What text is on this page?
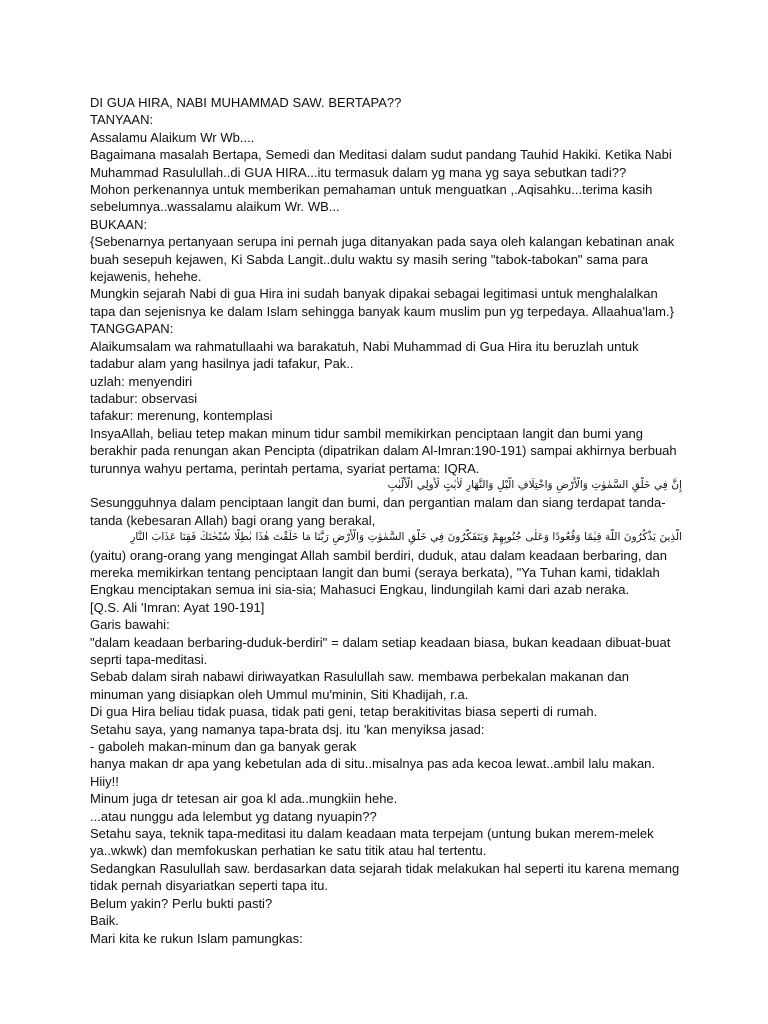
DI GUA HIRA, NABI MUHAMMAD SAW. BERTAPA??

TANYAAN:

Assalamu Alaikum Wr Wb....

Bagaimana masalah Bertapa, Semedi dan Meditasi dalam sudut pandang Tauhid Hakiki. Ketika Nabi Muhammad Rasulullah..di GUA HIRA...itu termasuk dalam yg mana yg saya sebutkan tadi??

Mohon perkenannya untuk memberikan pemahaman untuk menguatkan ,.Aqisahku...terima kasih sebelumnya..wassalamu alaikum Wr. WB...

BUKAAN:

{Sebenarnya pertanyaan serupa ini pernah juga ditanyakan pada saya oleh kalangan kebatinan anak buah sesepuh kejawen, Ki Sabda Langit..dulu waktu sy masih sering "tabok-tabokan" sama para kejawenis, hehehe.

Mungkin sejarah Nabi di gua Hira ini sudah banyak dipakai sebagai legitimasi untuk menghalalkan tapa dan sejenisnya ke dalam Islam sehingga banyak kaum muslim pun yg terpedaya. Allaahua'lam.}

TANGGAPAN:

Alaikumsalam wa rahmatullaahi wa barakatuh, Nabi Muhammad di Gua Hira itu beruzlah untuk tadabur alam yang hasilnya jadi tafakur, Pak..

uzlah: menyendiri

tadabur: observasi

tafakur: merenung, kontemplasi

InsyaAllah, beliau tetep makan minum tidur sambil memikirkan penciptaan langit dan bumi yang berakhir pada renungan akan Pencipta (dipatrikan dalam Al-Imran:190-191) sampai akhirnya berbuah turunnya wahyu pertama, perintah pertama, syariat pertama: IQRA.

إِنَّ فِي خَلْقِ السَّمٰوٰتِ وَالْأَرْضِ وَاخْتِلَافِ الَّيْلِ وَالنَّهَارِ لَاٰيٰتٍ لِّأُولِي الْأَلْبٰبِ

Sesungguhnya dalam penciptaan langit dan bumi, dan pergantian malam dan siang terdapat tanda-tanda (kebesaran Allah) bagi orang yang berakal,

الَّذِينَ يَذْكُرُونَ اللَّهَ قِيٰمًا وَقُعُودًا وَعَلٰى جُنُوبِهِمْ وَيَتَفَكَّرُونَ فِي خَلْقِ السَّمٰوٰتِ وَالْأَرْضِ رَبَّنَا مَا خَلَقْتَ هٰذَا بٰطِلًا سُبْحٰنَكَ فَقِنَا عَذَابَ النَّارِ

(yaitu) orang-orang yang mengingat Allah sambil berdiri, duduk, atau dalam keadaan berbaring, dan mereka memikirkan tentang penciptaan langit dan bumi (seraya berkata), "Ya Tuhan kami, tidaklah Engkau menciptakan semua ini sia-sia; Mahasuci Engkau, lindungilah kami dari azab neraka.

[Q.S. Ali 'Imran: Ayat 190-191]

Garis bawahi:

"dalam keadaan berbaring-duduk-berdiri" = dalam setiap keadaan biasa, bukan keadaan dibuat-buat seprti tapa-meditasi.

Sebab dalam sirah nabawi diriwayatkan Rasulullah saw. membawa perbekalan makanan dan minuman yang disiapkan oleh Ummul mu'minin, Siti Khadijah, r.a.

Di gua Hira beliau tidak puasa, tidak pati geni, tetap berakitivitas biasa seperti di rumah.

Setahu saya, yang namanya tapa-brata dsj. itu 'kan menyiksa jasad:

- gaboleh makan-minum dan ga banyak gerak

hanya makan dr apa yang kebetulan ada di situ..misalnya pas ada kecoa lewat..ambil lalu makan. Hiiy!!

Minum juga dr tetesan air goa kl ada..mungkiin hehe.

...atau nunggu ada lelembut yg datang nyuapin??

Setahu saya, teknik tapa-meditasi itu dalam keadaan mata terpejam (untung bukan merem-melek ya..wkwk) dan memfokuskan perhatian ke satu titik atau hal tertentu.

Sedangkan Rasulullah saw. berdasarkan data sejarah tidak melakukan hal seperti itu karena memang tidak pernah disyariatkan seperti tapa itu.

Belum yakin? Perlu bukti pasti?

Baik.

Mari kita ke rukun Islam pamungkas:
